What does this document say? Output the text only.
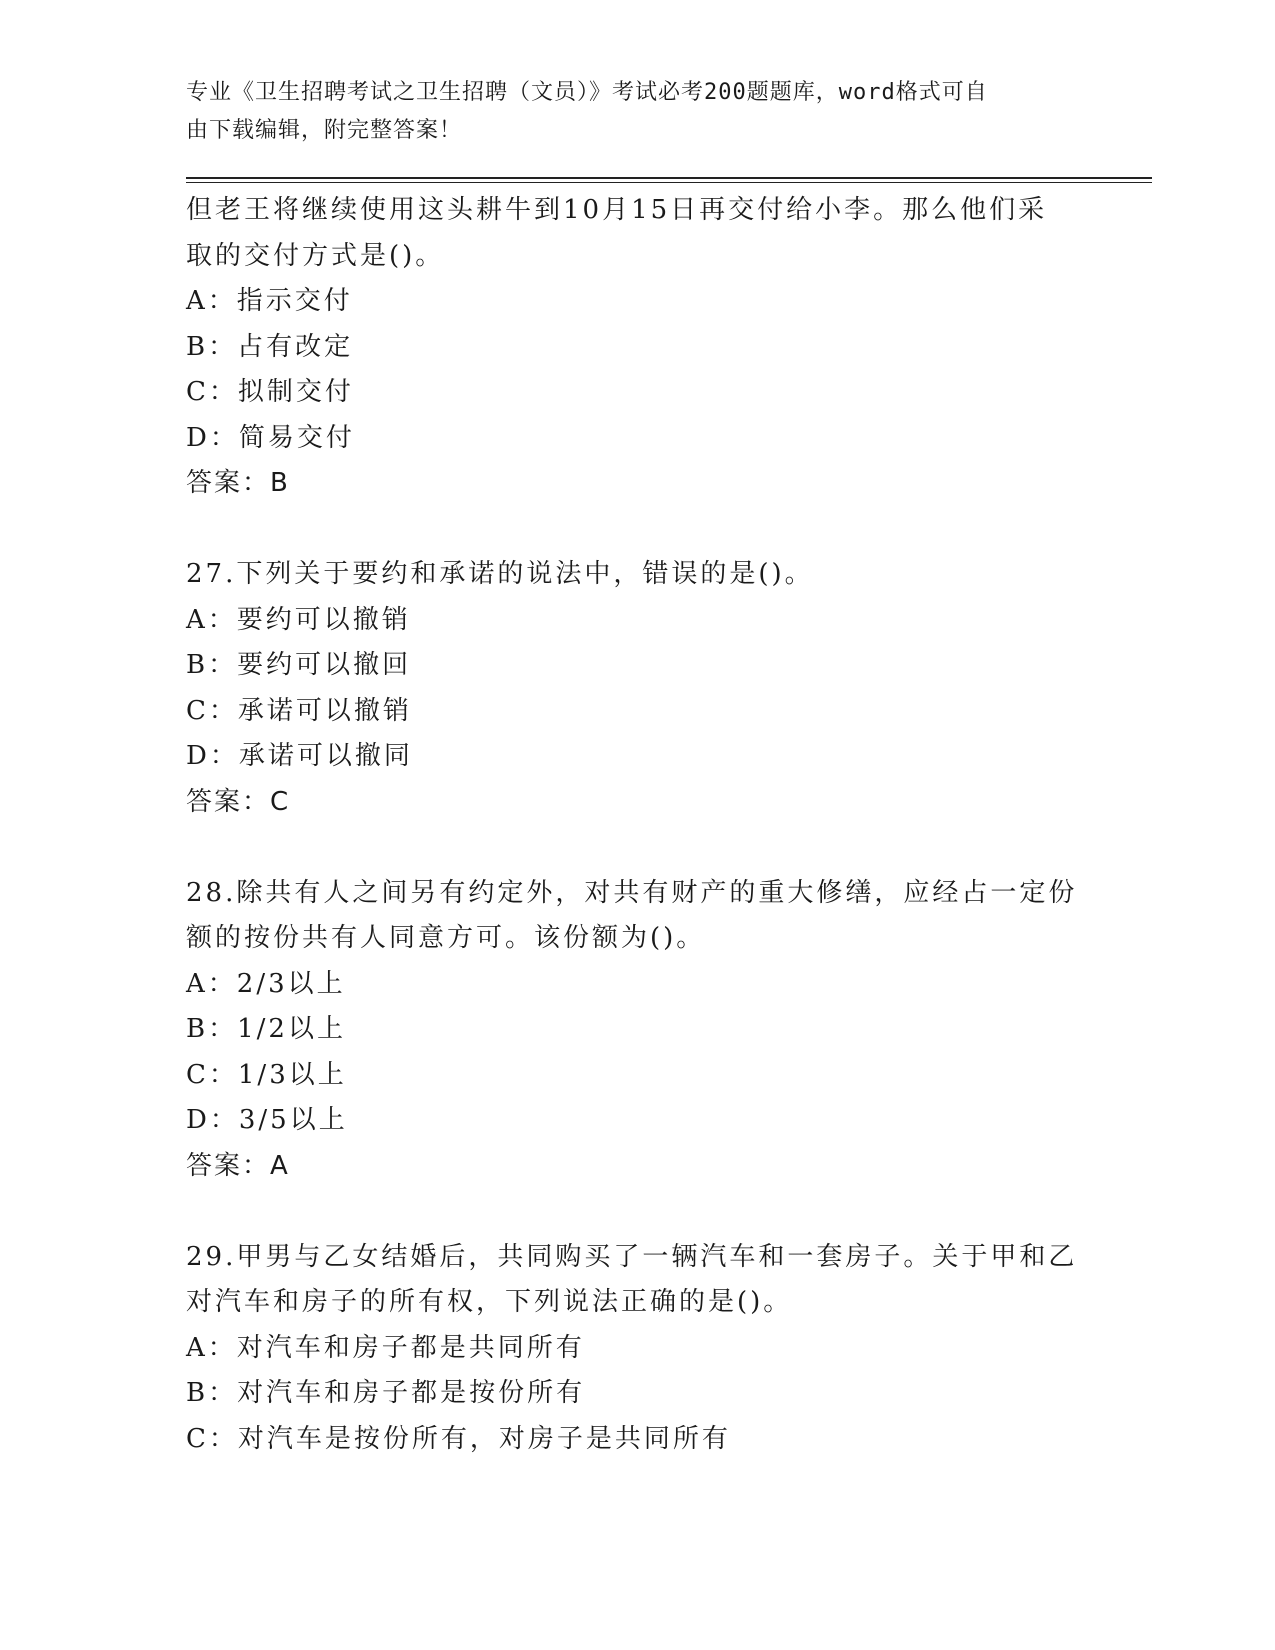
专业《卫生招聘考试之卫生招聘（文员）》考试必考200题题库，word格式可自
由下载编辑，附完整答案！
但老王将继续使用这头耕牛到10月15日再交付给小李。那么他们采
取的交付方式是()。
A：指示交付
B：占有改定
C：拟制交付
D：简易交付
答案：B
27.下列关于要约和承诺的说法中，错误的是()。
A：要约可以撤销
B：要约可以撤回
C：承诺可以撤销
D：承诺可以撤同
答案：C
28.除共有人之间另有约定外，对共有财产的重大修缮，应经占一定份
额的按份共有人同意方可。该份额为()。
A：2/3以上
B：1/2以上
C：1/3以上
D：3/5以上
答案：A
29.甲男与乙女结婚后，共同购买了一辆汽车和一套房子。关于甲和乙
对汽车和房子的所有权，下列说法正确的是()。
A：对汽车和房子都是共同所有
B：对汽车和房子都是按份所有
C：对汽车是按份所有，对房子是共同所有
